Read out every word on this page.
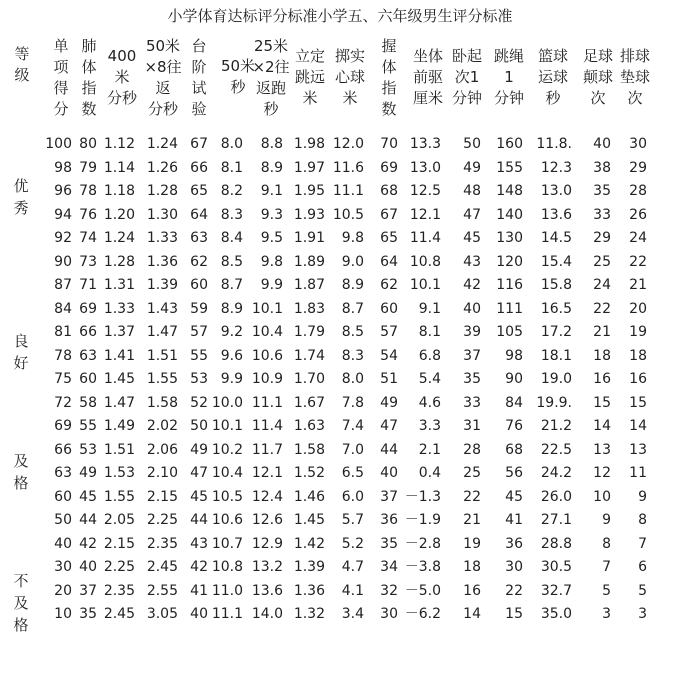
小学体育达标评分标准小学五、六年级男生评分标准
等
级
单
项
得
分
肺
体
指
数
400
米
分秒
50米
×8往
返
分秒
台
阶
试
验
50米
秒
25米
×2往
返跑
秒
立定
跳远
米
掷实
心球
米
握
体
指
数
坐体
前驱
厘米
卧起
次1
分钟
跳绳
1
分钟
篮球
运球
秒
足球
颠球
次
排球
垫球
次
优
秀
良
好
及
格
不
及
格
100 80 1.12 1.24 67 8.0 8.8 1.98 12.0 70 13.3 50 160 11.8. 40 30
98 79 1.14 1.26 66 8.1 8.9 1.97 11.6 69 13.0 49 155 12.3 38 29
96 78 1.18 1.28 65 8.2 9.1 1.95 11.1 68 12.5 48 148 13.0 35 28
94 76 1.20 1.30 64 8.3 9.3 1.93 10.5 67 12.1 47 140 13.6 33 26
92 74 1.24 1.33 63 8.4 9.5 1.91 9.8 65 11.4 45 130 14.5 29 24
90 73 1.28 1.36 62 8.5 9.8 1.89 9.0 64 10.8 43 120 15.4 25 22
87 71 1.31 1.39 60 8.7 9.9 1.87 8.9 62 10.1 42 116 15.8 24 21
84 69 1.33 1.43 59 8.9 10.1 1.83 8.7 60 9.1 40 111 16.5 22 20
81 66 1.37 1.47 57 9.2 10.4 1.79 8.5 57 8.1 39 105 17.2 21 19
78 63 1.41 1.51 55 9.6 10.6 1.74 8.3 54 6.8 37 98 18.1 18 18
75 60 1.45 1.55 53 9.9 10.9 1.70 8.0 51 5.4 35 90 19.0 16 16
72 58 1.47 1.58 52 10.0 11.1 1.67 7.8 49 4.6 33 84 19.9. 15 15
69 55 1.49 2.02 50 10.1 11.4 1.63 7.4 47 3.3 31 76 21.2 14 14
66 53 1.51 2.06 49 10.2 11.7 1.58 7.0 44 2.1 28 68 22.5 13 13
63 49 1.53 2.10 47 10.4 12.1 1.52 6.5 40 0.4 25 56 24.2 12 11
60 45 1.55 2.15 45 10.5 12.4 1.46 6.0 37 －1.3 22 45 26.0 10 9
50 44 2.05 2.25 44 10.6 12.6 1.45 5.7 36 －1.9 21 41 27.1 9 8
40 42 2.15 2.35 43 10.7 12.9 1.42 5.2 35 －2.8 19 36 28.8 8 7
30 40 2.25 2.45 42 10.8 13.2 1.39 4.7 34 －3.8 18 30 30.5 7 6
20 37 2.35 2.55 41 11.0 13.6 1.36 4.1 32 －5.0 16 22 32.7 5 5
10 35 2.45 3.05 40 11.1 14.0 1.32 3.4 30 －6.2 14 15 35.0 3 3
